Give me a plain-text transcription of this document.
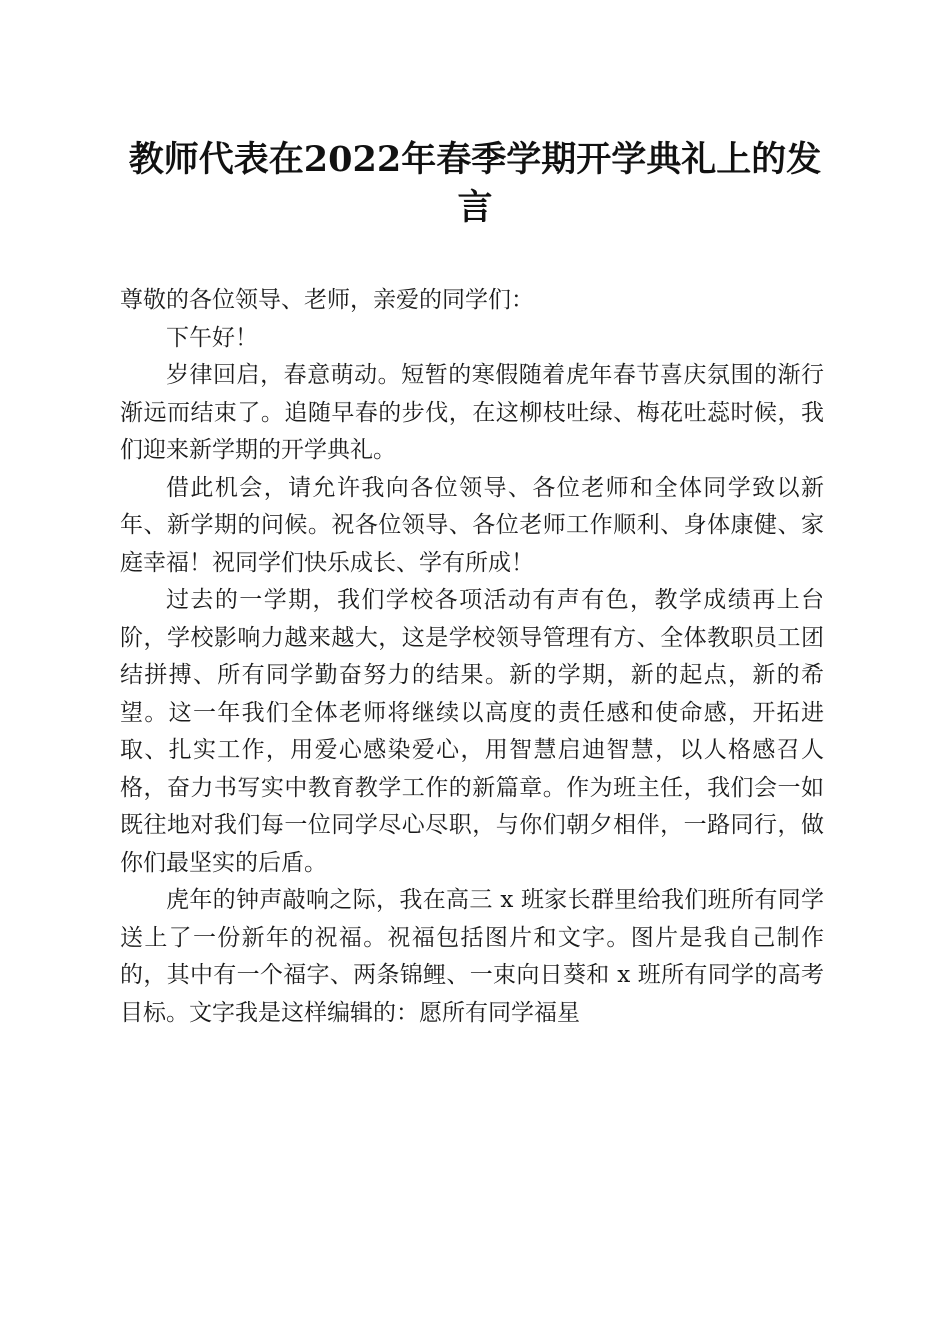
教师代表在2022年春季学期开学典礼上的发言

尊敬的各位领导、老师，亲爱的同学们：

下午好！

岁律回启，春意萌动。短暂的寒假随着虎年春节喜庆氛围的渐行渐远而结束了。追随早春的步伐，在这柳枝吐绿、梅花吐蕊时候，我们迎来新学期的开学典礼。

借此机会，请允许我向各位领导、各位老师和全体同学致以新年、新学期的问候。祝各位领导、各位老师工作顺利、身体康健、家庭幸福！祝同学们快乐成长、学有所成！

过去的一学期，我们学校各项活动有声有色，教学成绩再上台阶，学校影响力越来越大，这是学校领导管理有方、全体教职员工团结拼搏、所有同学勤奋努力的结果。新的学期，新的起点，新的希望。这一年我们全体老师将继续以高度的责任感和使命感，开拓进取、扎实工作，用爱心感染爱心，用智慧启迪智慧，以人格感召人格，奋力书写实中教育教学工作的新篇章。作为班主任，我们会一如既往地对我们每一位同学尽心尽职，与你们朝夕相伴，一路同行，做你们最坚实的后盾。

虎年的钟声敲响之际，我在高三 x 班家长群里给我们班所有同学送上了一份新年的祝福。祝福包括图片和文字。图片是我自己制作的，其中有一个福字、两条锦鲤、一束向日葵和 x 班所有同学的高考目标。文字我是这样编辑的：愿所有同学福星
